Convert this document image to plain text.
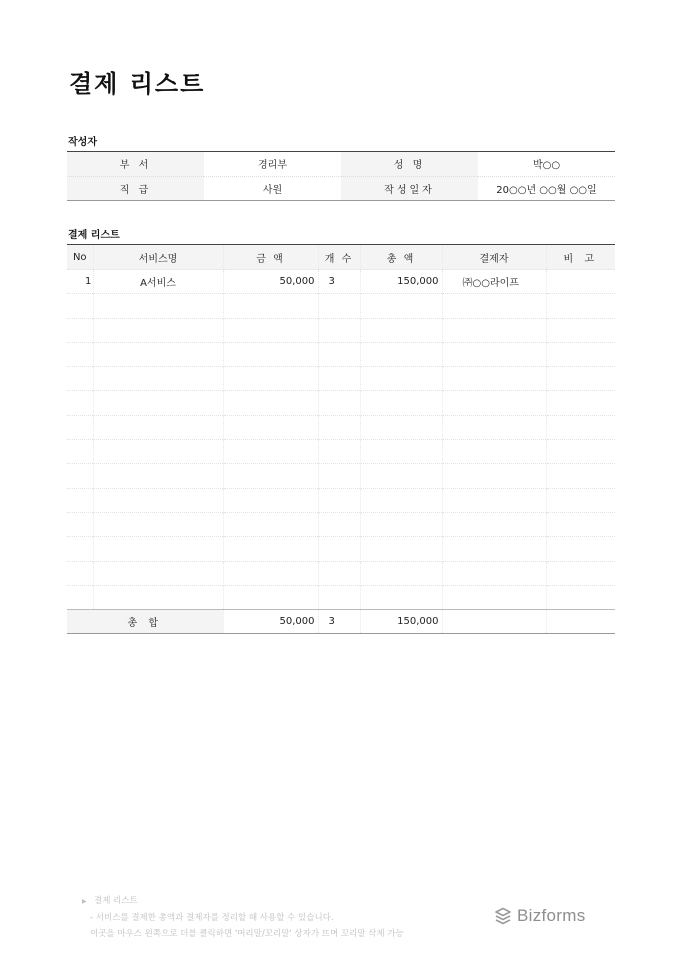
결제 리스트
작성자
부 서	경리부	성 명	박○○
직 급	사원	작성일자	20○○년 ○○월 ○○일
결제 리스트
No	서비스명	금 액	개 수	총 액	결제자	비 고
1	A서비스	50,000	3	150,000	㈜○○라이프	

총 합		50,000	3	150,000		
▶ 결제 리스트
- 서비스를 결제한 총액과 결제자를 정리할 때 사용할 수 있습니다.
이곳을 마우스 왼쪽으로 더블 클릭하면 '머리말/꼬리말' 상자가 뜨며 꼬리말 삭제 가능
Bizforms
